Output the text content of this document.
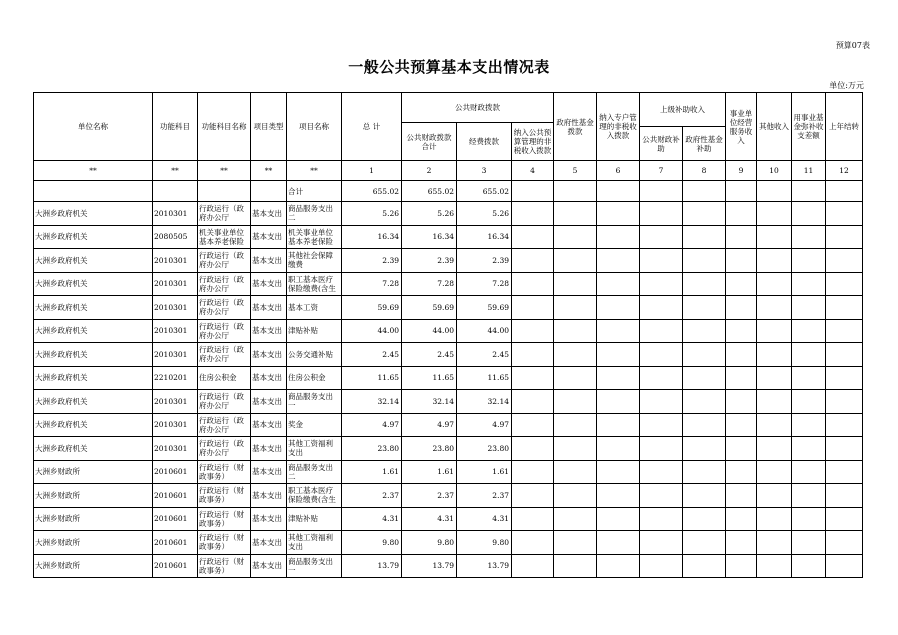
预算07表
一般公共预算基本支出情况表
单位:万元
单位名称	功能科目	功能科目名称	项目类型	项目名称	总 计	公共财政拨款			政府性基金拨款	纳入专户管理的非税收入拨款	上级补助收入		事业单位经营服务收入	其他收入	用事业基金弥补收支差额	上年结转
						公共财政拨款合计	经费拨款	纳入公共预算管理的非税收入拨款								
											公共财政补助	政府性基金补助				
**	**	**	**	**	1	2	3	4	5	6	7	8	9	10	11	12
				合计	655.02	655.02	655.02									
大洲乡政府机关	2010301	行政运行（政府办公厅	基本支出	商品服务支出二	5.26	5.26	5.26									
大洲乡政府机关	2080505	机关事业单位基本养老保险	基本支出	机关事业单位基本养老保险	16.34	16.34	16.34									
大洲乡政府机关	2010301	行政运行（政府办公厅	基本支出	其他社会保障缴费	2.39	2.39	2.39									
大洲乡政府机关	2010301	行政运行（政府办公厅	基本支出	职工基本医疗保险缴费(含生	7.28	7.28	7.28									
大洲乡政府机关	2010301	行政运行（政府办公厅	基本支出	基本工资	59.69	59.69	59.69									
大洲乡政府机关	2010301	行政运行（政府办公厅	基本支出	津贴补贴	44.00	44.00	44.00									
大洲乡政府机关	2010301	行政运行（政府办公厅	基本支出	公务交通补贴	2.45	2.45	2.45									
大洲乡政府机关	2210201	住房公积金	基本支出	住房公积金	11.65	11.65	11.65									
大洲乡政府机关	2010301	行政运行（政府办公厅	基本支出	商品服务支出一	32.14	32.14	32.14									
大洲乡政府机关	2010301	行政运行（政府办公厅	基本支出	奖金	4.97	4.97	4.97									
大洲乡政府机关	2010301	行政运行（政府办公厅	基本支出	其他工资福利支出	23.80	23.80	23.80									
大洲乡财政所	2010601	行政运行（财政事务）	基本支出	商品服务支出二	1.61	1.61	1.61									
大洲乡财政所	2010601	行政运行（财政事务）	基本支出	职工基本医疗保险缴费(含生	2.37	2.37	2.37									
大洲乡财政所	2010601	行政运行（财政事务）	基本支出	津贴补贴	4.31	4.31	4.31									
大洲乡财政所	2010601	行政运行（财政事务）	基本支出	其他工资福利支出	9.80	9.80	9.80									
大洲乡财政所	2010601	行政运行（财政事务）	基本支出	商品服务支出一	13.79	13.79	13.79									
